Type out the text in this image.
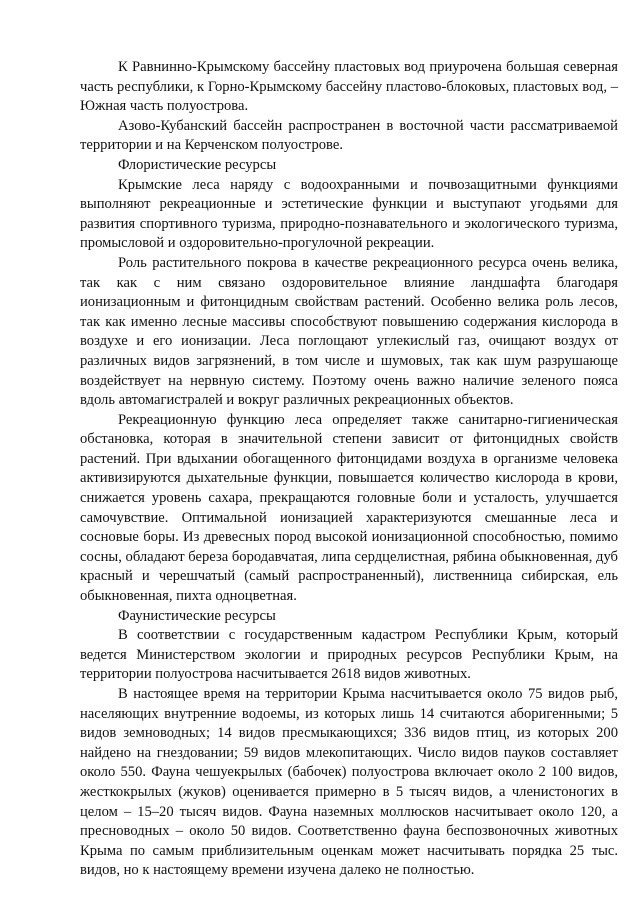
К Равнинно-Крымскому бассейну пластовых вод приурочена большая северная часть республики, к Горно-Крымскому бассейну пластово-блоковых, пластовых вод, – Южная часть полуострова.

Азово-Кубанский бассейн распространен в восточной части рассматриваемой территории и на Керченском полуострове.

Флористические ресурсы

Крымские леса наряду с водоохранными и почвозащитными функциями выполняют рекреационные и эстетические функции и выступают угодьями для развития спортивного туризма, природно-познавательного и экологического туризма, промысловой и оздоровительно-прогулочной рекреации.

Роль растительного покрова в качестве рекреационного ресурса очень велика, так как с ним связано оздоровительное влияние ландшафта благодаря ионизационным и фитонцидным свойствам растений. Особенно велика роль лесов, так как именно лесные массивы способствуют повышению содержания кислорода в воздухе и его ионизации. Леса поглощают углекислый газ, очищают воздух от различных видов загрязнений, в том числе и шумовых, так как шум разрушающе воздействует на нервную систему. Поэтому очень важно наличие зеленого пояса вдоль автомагистралей и вокруг различных рекреационных объектов.

Рекреационную функцию леса определяет также санитарно-гигиеническая обстановка, которая в значительной степени зависит от фитонцидных свойств растений. При вдыхании обогащенного фитонцидами воздуха в организме человека активизируются дыхательные функции, повышается количество кислорода в крови, снижается уровень сахара, прекращаются головные боли и усталость, улучшается самочувствие. Оптимальной ионизацией характеризуются смешанные леса и сосновые боры. Из древесных пород высокой ионизационной способностью, помимо сосны, обладают береза бородавчатая, липа сердцелистная, рябина обыкновенная, дуб красный и черешчатый (самый распространенный), лиственница сибирская, ель обыкновенная, пихта одноцветная.

Фаунистические ресурсы

В соответствии с государственным кадастром Республики Крым, который ведется Министерством экологии и природных ресурсов Республики Крым, на территории полуострова насчитывается 2618 видов животных.

В настоящее время на территории Крыма насчитывается около 75 видов рыб, населяющих внутренние водоемы, из которых лишь 14 считаются аборигенными; 5 видов земноводных; 14 видов пресмыкающихся; 336 видов птиц, из которых 200 найдено на гнездовании; 59 видов млекопитающих. Число видов пауков составляет около 550. Фауна чешуекрылых (бабочек) полуострова включает около 2 100 видов, жесткокрылых (жуков) оценивается примерно в 5 тысяч видов, а членистоногих в целом – 15–20 тысяч видов. Фауна наземных моллюсков насчитывает около 120, а пресноводных – около 50 видов. Соответственно фауна беспозвоночных животных Крыма по самым приблизительным оценкам может насчитывать порядка 25 тыс. видов, но к настоящему времени изучена далеко не полностью.
